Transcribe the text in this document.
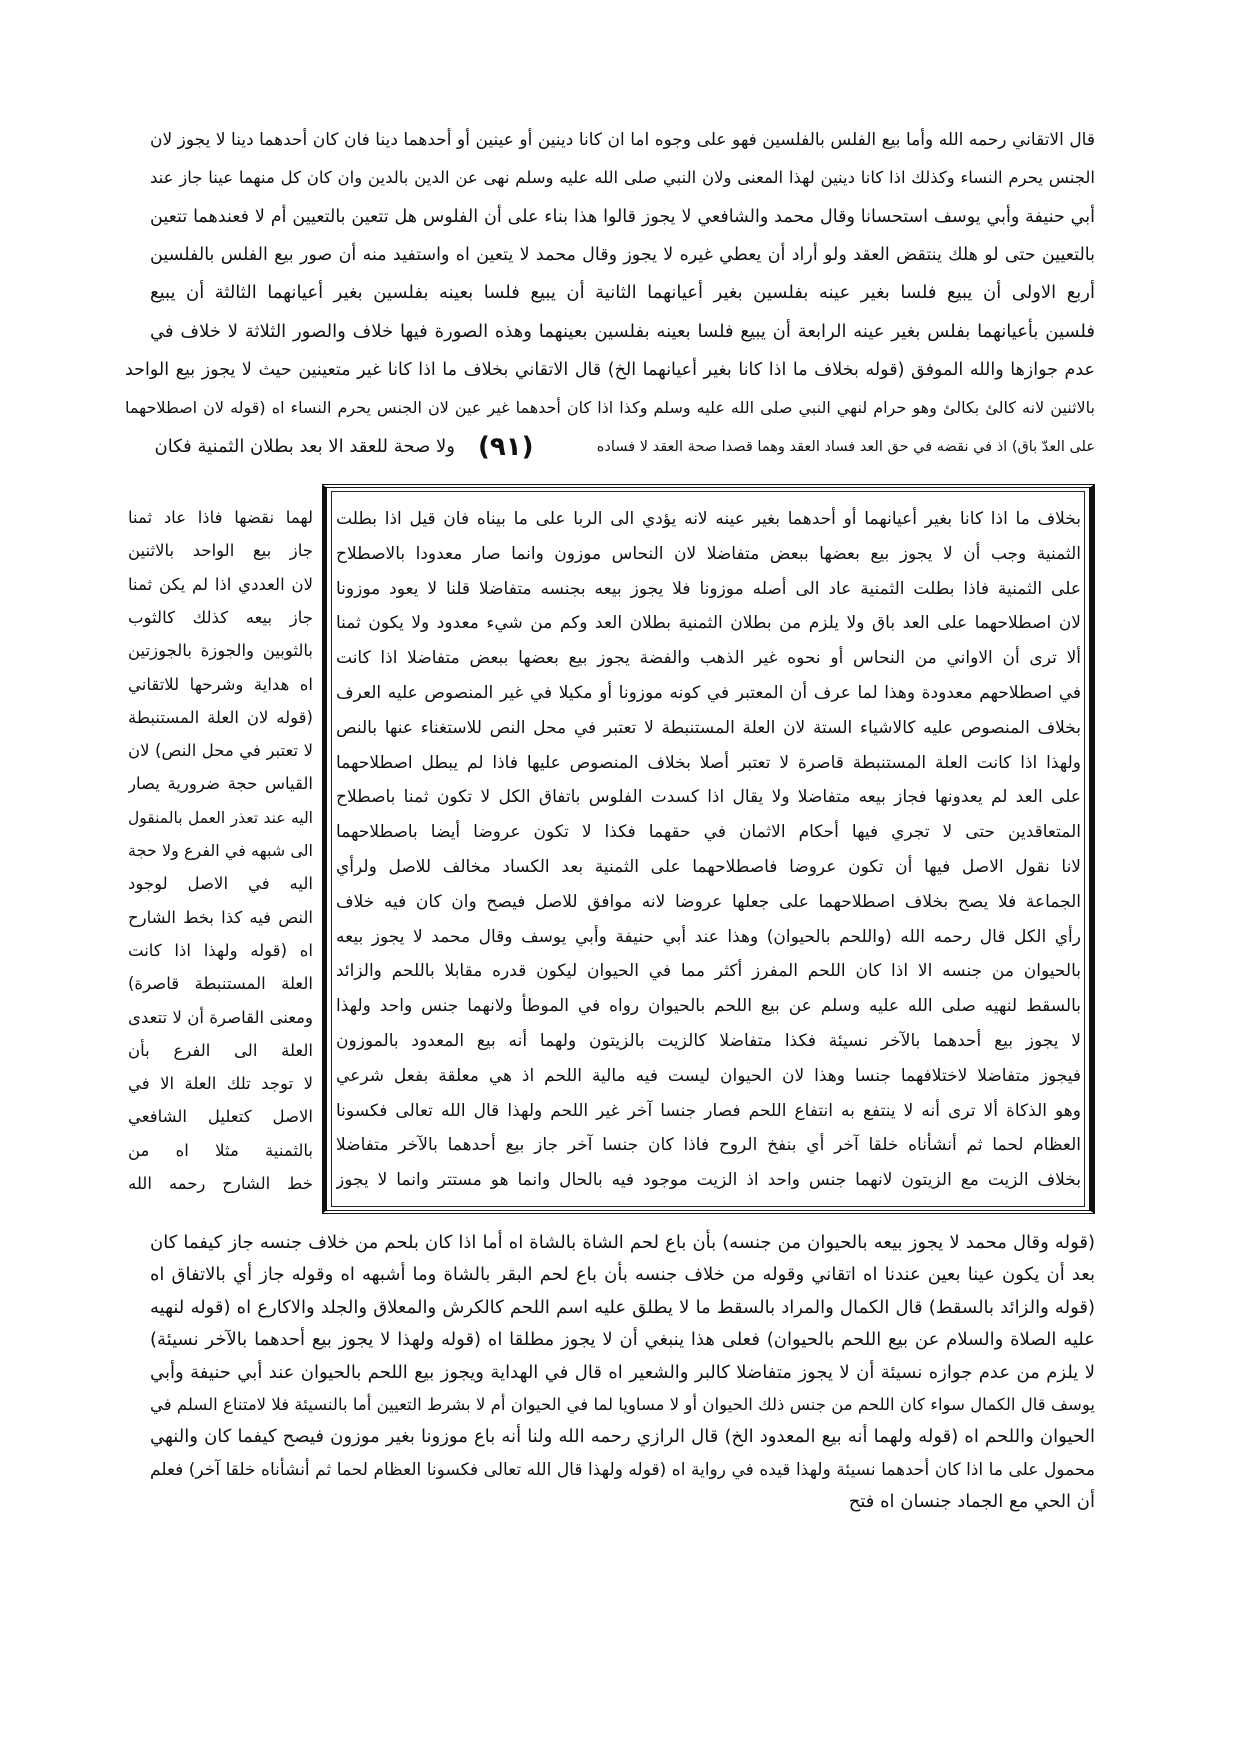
قال الاتقاني رحمه الله وأما بيع الفلس بالفلسين فهو على وجوه اما ان كانا دينين أو عينين أو أحدهما دينا فان كان أحدهما دينا لا يجوز لان
الجنس يحرم النساء وكذلك اذا كانا دينين لهذا المعنى ولان النبي صلى الله عليه وسلم نهى عن الدين بالدين وان كان كل منهما عينا جاز عند
أبي حنيفة وأبي يوسف استحسانا وقال محمد والشافعي لا يجوز قالوا هذا بناء على أن الفلوس هل تتعين بالتعيين أم لا فعندهما تتعين
بالتعيين حتى لو هلك ينتقض العقد ولو أراد أن يعطي غيره لا يجوز وقال محمد لا يتعين اه واستفيد منه أن صور بيع الفلس بالفلسين
أربع الاولى أن يبيع فلسا بغير عينه بفلسين بغير أعيانهما الثانية أن يبيع فلسا بعينه بفلسين بغير أعيانهما الثالثة أن يبيع
فلسين بأعيانهما بفلس بغير عينه الرابعة أن يبيع فلسا بعينه بفلسين بعينهما وهذه الصورة فيها خلاف والصور الثلاثة لا خلاف في
عدم جوازها والله الموفق (قوله بخلاف ما اذا كانا بغير أعيانهما الخ) قال الاتقاني بخلاف ما اذا كانا غير متعينين حيث لا يجوز بيع الواحد
بالاثنين لانه كالئ بكالئ وهو حرام لنهي النبي صلى الله عليه وسلم وكذا اذا كان أحدهما غير عين لان الجنس يحرم النساء اه (قوله لان اصطلاحهما
على العدّ باق) اذ في نقضه في حق العد فساد العقد وهما قصدا صحة العقد لا فساده
(٩١)
ولا صحة للعقد الا بعد بطلان الثمنية فكان
بخلاف ما اذا كانا بغير أعيانهما أو أحدهما بغير عينه لانه يؤدي الى الربا على ما بيناه فان قيل اذا بطلت
الثمنية وجب أن لا يجوز بيع بعضها ببعض متفاضلا لان النحاس موزون وانما صار معدودا بالاصطلاح
على الثمنية فاذا بطلت الثمنية عاد الى أصله موزونا فلا يجوز بيعه بجنسه متفاضلا قلنا لا يعود موزونا
لان اصطلاحهما على العد باق ولا يلزم من بطلان الثمنية بطلان العد وكم من شيء معدود ولا يكون ثمنا
ألا ترى أن الاواني من النحاس أو نحوه غير الذهب والفضة يجوز بيع بعضها ببعض متفاضلا اذا كانت
في اصطلاحهم معدودة وهذا لما عرف أن المعتبر في كونه موزونا أو مكيلا في غير المنصوص عليه العرف
بخلاف المنصوص عليه كالاشياء الستة لان العلة المستنبطة لا تعتبر في محل النص للاستغناء عنها بالنص
ولهذا اذا كانت العلة المستنبطة قاصرة لا تعتبر أصلا بخلاف المنصوص عليها فاذا لم يبطل اصطلاحهما
على العد لم يعدونها فجاز بيعه متفاضلا ولا يقال اذا كسدت الفلوس باتفاق الكل لا تكون ثمنا باصطلاح
المتعاقدين حتى لا تجري فيها أحكام الاثمان في حقهما فكذا لا تكون عروضا أيضا باصطلاحهما
لانا نقول الاصل فيها أن تكون عروضا فاصطلاحهما على الثمنية بعد الكساد مخالف للاصل ولرأي
الجماعة فلا يصح بخلاف اصطلاحهما على جعلها عروضا لانه موافق للاصل فيصح وان كان فيه خلاف
رأي الكل قال رحمه الله (واللحم بالحيوان) وهذا عند أبي حنيفة وأبي يوسف وقال محمد لا يجوز بيعه
بالحيوان من جنسه الا اذا كان اللحم المفرز أكثر مما في الحيوان ليكون قدره مقابلا باللحم والزائد
بالسقط لنهيه صلى الله عليه وسلم عن بيع اللحم بالحيوان رواه في الموطأ ولانهما جنس واحد ولهذا
لا يجوز بيع أحدهما بالآخر نسيئة فكذا متفاضلا كالزيت بالزيتون ولهما أنه بيع المعدود بالموزون
فيجوز متفاضلا لاختلافهما جنسا وهذا لان الحيوان ليست فيه مالية اللحم اذ هي معلقة بفعل شرعي
وهو الذكاة ألا ترى أنه لا ينتفع به انتفاع اللحم فصار جنسا آخر غير اللحم ولهذا قال الله تعالى فكسونا
العظام لحما ثم أنشأناه خلقا آخر أي بنفخ الروح فاذا كان جنسا آخر جاز بيع أحدهما بالآخر متفاضلا
بخلاف الزيت مع الزيتون لانهما جنس واحد اذ الزيت موجود فيه بالحال وانما هو مستتر وانما لا يجوز
لهما نقضها فاذا عاد ثمنا
جاز بيع الواحد بالاثنين
لان العددي اذا لم يكن ثمنا
جاز بيعه كذلك كالثوب
بالثوبين والجوزة بالجوزتين
اه هداية وشرحها للاتقاني
(قوله لان العلة المستنبطة
لا تعتبر في محل النص) لان
القياس حجة ضرورية يصار
اليه عند تعذر العمل بالمنقول
الى شبهه في الفرع ولا حجة
اليه في الاصل لوجود
النص فيه كذا بخط الشارح
اه (قوله ولهذا اذا كانت
العلة المستنبطة قاصرة)
ومعنى القاصرة أن لا تتعدى
العلة الى الفرع بأن
لا توجد تلك العلة الا في
الاصل كتعليل الشافعي
بالثمنية مثلا اه من
خط الشارح رحمه الله
(قوله وقال محمد لا يجوز بيعه بالحيوان من جنسه) بأن باع لحم الشاة بالشاة اه أما اذا كان بلحم من خلاف جنسه جاز كيفما كان
بعد أن يكون عينا بعين عندنا اه اتقاني وقوله من خلاف جنسه بأن باع لحم البقر بالشاة وما أشبهه اه وقوله جاز أي بالاتفاق اه
(قوله والزائد بالسقط) قال الكمال والمراد بالسقط ما لا يطلق عليه اسم اللحم كالكرش والمعلاق والجلد والاكارع اه (قوله لنهيه
عليه الصلاة والسلام عن بيع اللحم بالحيوان) فعلى هذا ينبغي أن لا يجوز مطلقا اه (قوله ولهذا لا يجوز بيع أحدهما بالآخر نسيئة)
لا يلزم من عدم جوازه نسيئة أن لا يجوز متفاضلا كالبر والشعير اه قال في الهداية ويجوز بيع اللحم بالحيوان عند أبي حنيفة وأبي
يوسف قال الكمال سواء كان اللحم من جنس ذلك الحيوان أو لا مساويا لما في الحيوان أم لا بشرط التعيين أما بالنسيئة فلا لامتناع السلم في
الحيوان واللحم اه (قوله ولهما أنه بيع المعدود الخ) قال الرازي رحمه الله ولنا أنه باع موزونا بغير موزون فيصح كيفما كان والنهي
محمول على ما اذا كان أحدهما نسيئة ولهذا قيده في رواية اه (قوله ولهذا قال الله تعالى فكسونا العظام لحما ثم أنشأناه خلقا آخر) فعلم
أن الحي مع الجماد جنسان اه فتح
